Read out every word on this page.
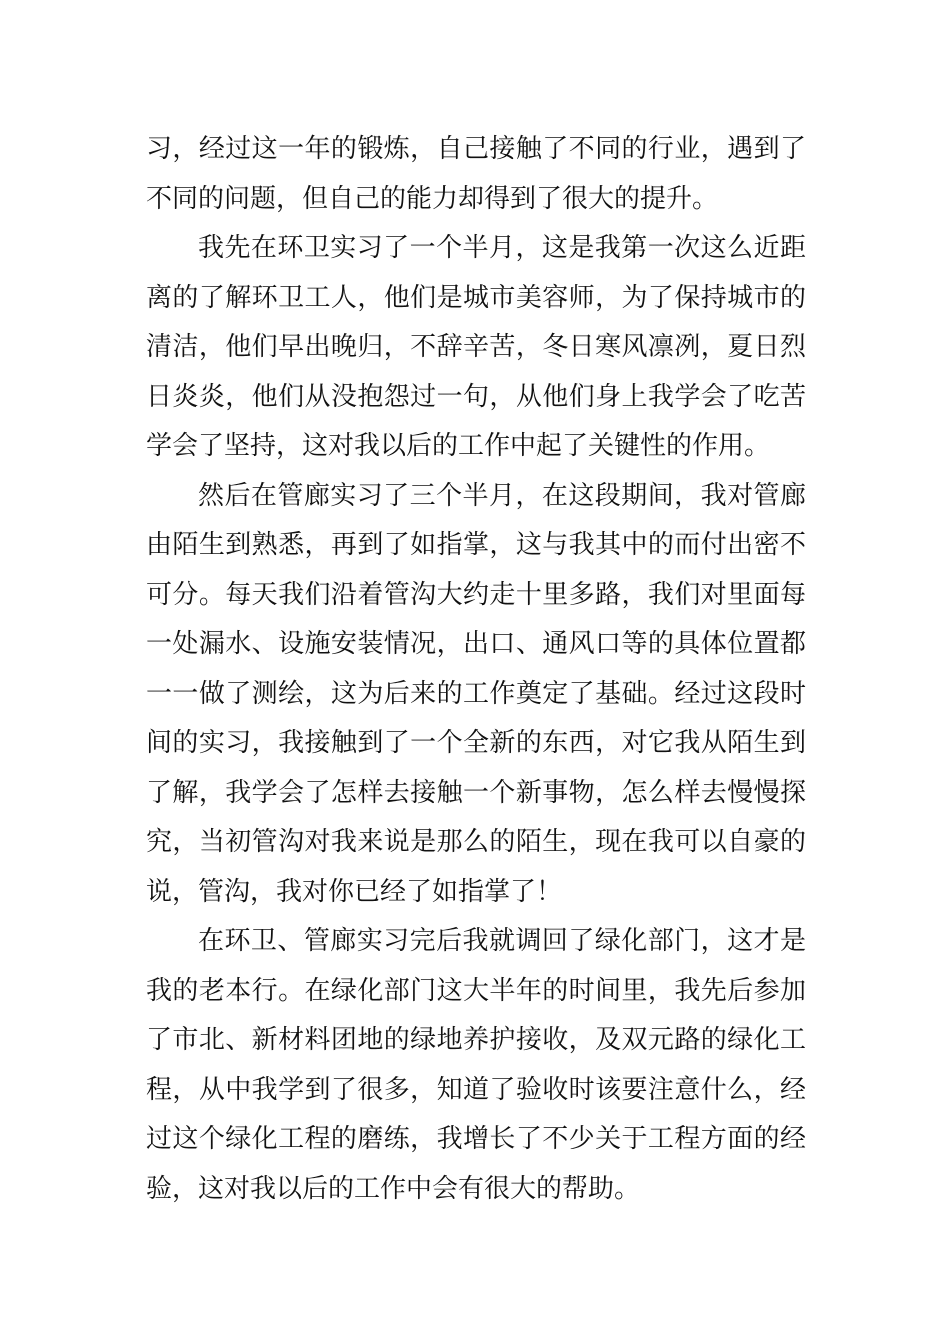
习，经过这一年的锻炼，自己接触了不同的行业，遇到了
不同的问题，但自己的能力却得到了很大的提升。
我先在环卫实习了一个半月，这是我第一次这么近距
离的了解环卫工人，他们是城市美容师，为了保持城市的
清洁，他们早出晚归，不辞辛苦，冬日寒风凛冽，夏日烈
日炎炎，他们从没抱怨过一句，从他们身上我学会了吃苦
学会了坚持，这对我以后的工作中起了关键性的作用。
然后在管廊实习了三个半月，在这段期间，我对管廊
由陌生到熟悉，再到了如指掌，这与我其中的而付出密不
可分。每天我们沿着管沟大约走十里多路，我们对里面每
一处漏水、设施安装情况，出口、通风口等的具体位置都
一一做了测绘，这为后来的工作奠定了基础。经过这段时
间的实习，我接触到了一个全新的东西，对它我从陌生到
了解，我学会了怎样去接触一个新事物，怎么样去慢慢探
究，当初管沟对我来说是那么的陌生，现在我可以自豪的
说，管沟，我对你已经了如指掌了！
在环卫、管廊实习完后我就调回了绿化部门，这才是
我的老本行。在绿化部门这大半年的时间里，我先后参加
了市北、新材料团地的绿地养护接收，及双元路的绿化工
程，从中我学到了很多，知道了验收时该要注意什么，经
过这个绿化工程的磨练，我增长了不少关于工程方面的经
验，这对我以后的工作中会有很大的帮助。
